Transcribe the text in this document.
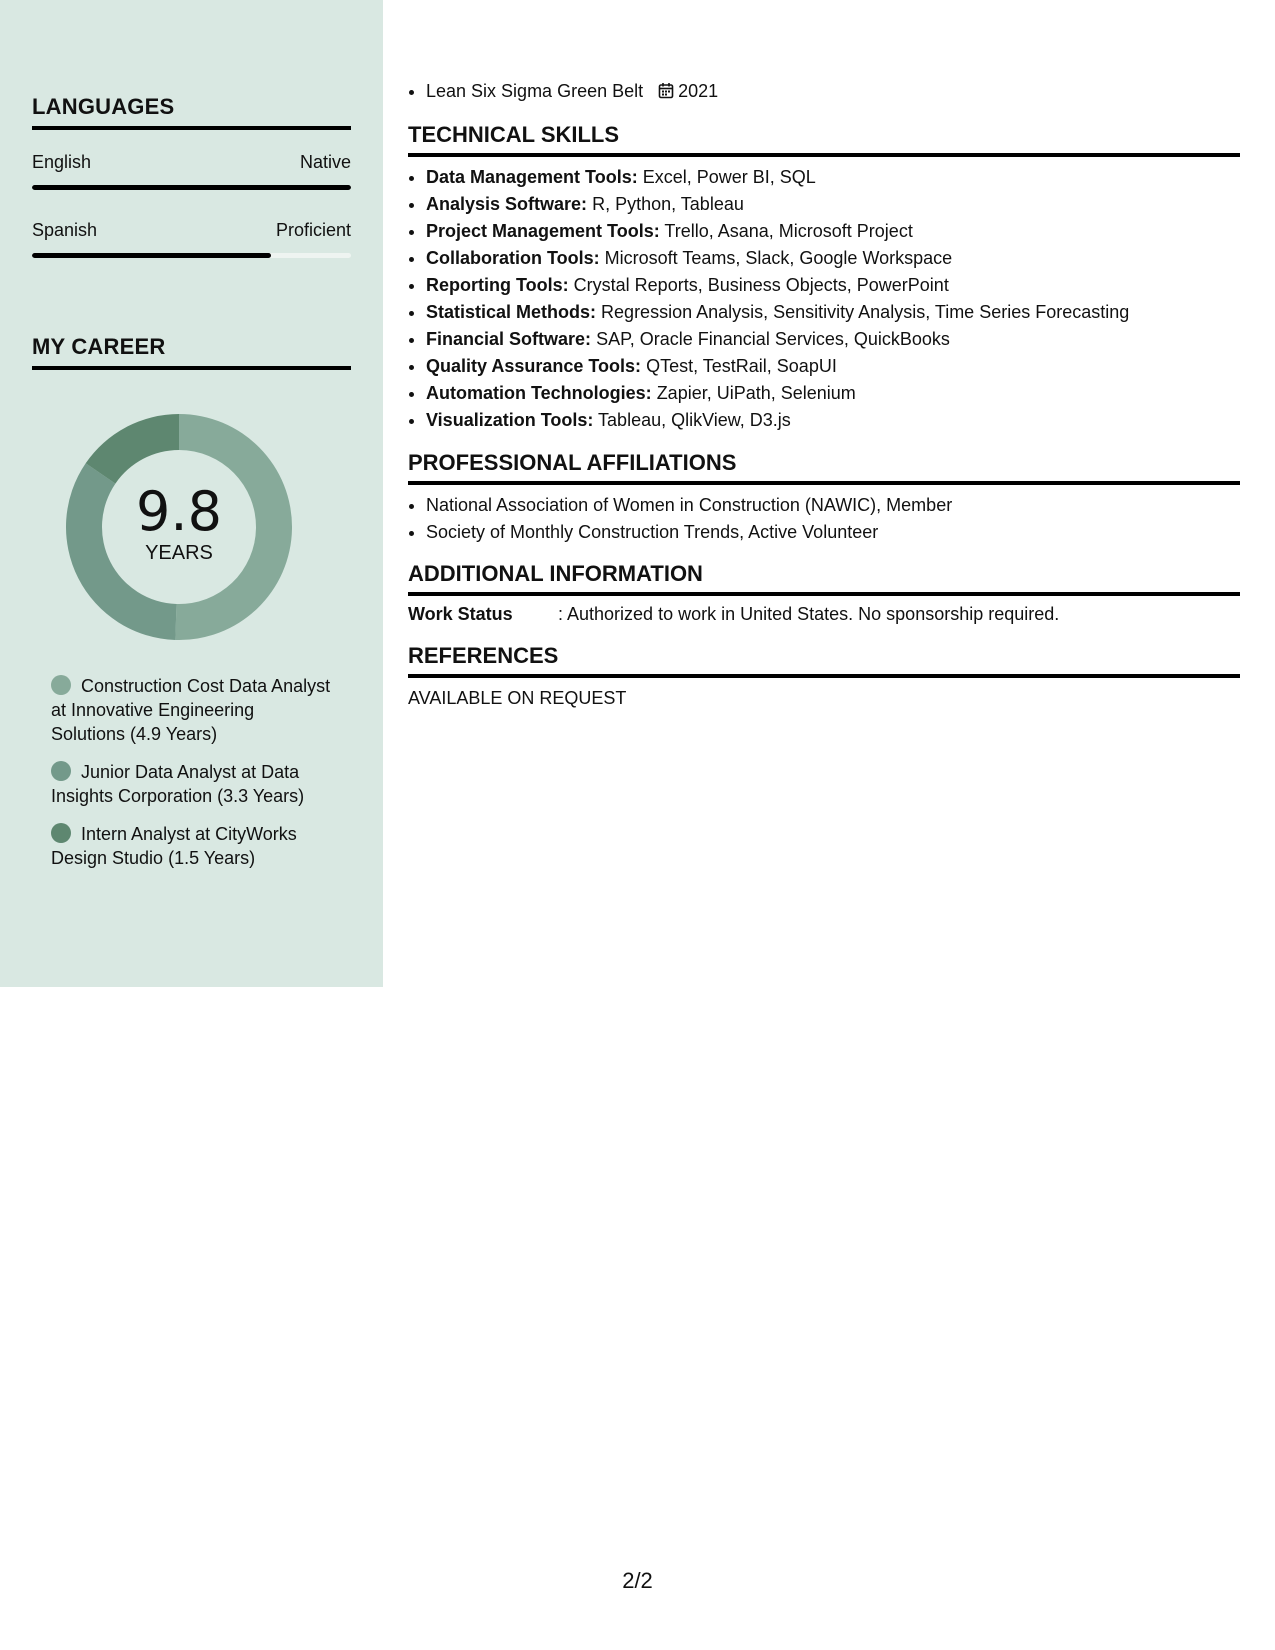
LANGUAGES
English	Native
Spanish	Proficient
MY CAREER
9.8
YEARS
Construction Cost Data Analyst at Innovative Engineering Solutions (4.9 Years)
Junior Data Analyst at Data Insights Corporation (3.3 Years)
Intern Analyst at CityWorks Design Studio (1.5 Years)
• Lean Six Sigma Green Belt 2021
TECHNICAL SKILLS
• Data Management Tools: Excel, Power BI, SQL
• Analysis Software: R, Python, Tableau
• Project Management Tools: Trello, Asana, Microsoft Project
• Collaboration Tools: Microsoft Teams, Slack, Google Workspace
• Reporting Tools: Crystal Reports, Business Objects, PowerPoint
• Statistical Methods: Regression Analysis, Sensitivity Analysis, Time Series Forecasting
• Financial Software: SAP, Oracle Financial Services, QuickBooks
• Quality Assurance Tools: QTest, TestRail, SoapUI
• Automation Technologies: Zapier, UiPath, Selenium
• Visualization Tools: Tableau, QlikView, D3.js
PROFESSIONAL AFFILIATIONS
• National Association of Women in Construction (NAWIC), Member
• Society of Monthly Construction Trends, Active Volunteer
ADDITIONAL INFORMATION
Work Status	: Authorized to work in United States. No sponsorship required.
REFERENCES
AVAILABLE ON REQUEST
2/2
